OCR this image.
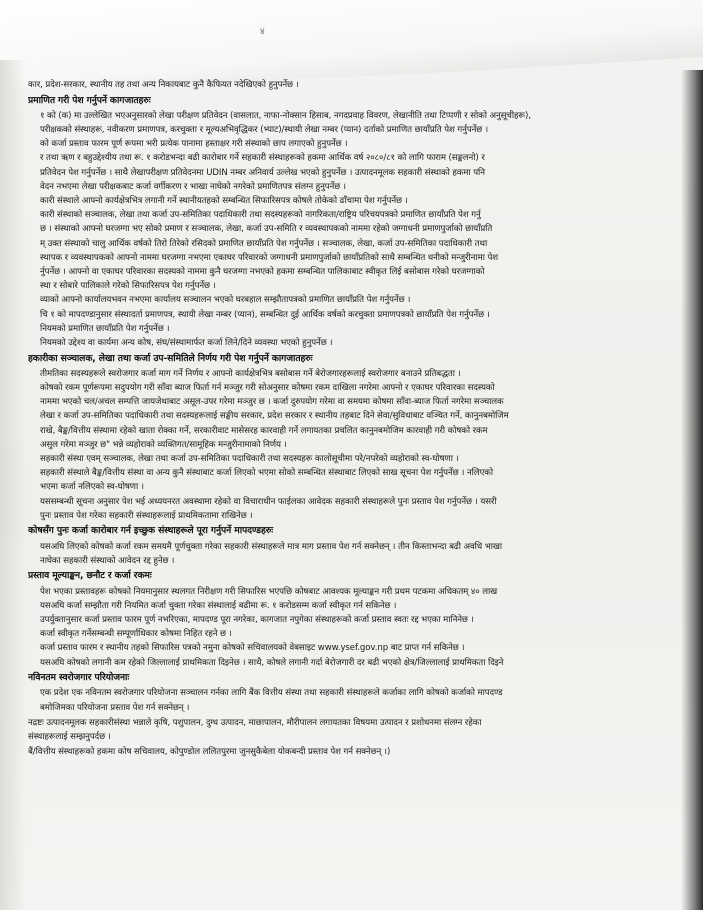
४
कार, प्रदेश-सरकार, स्थानीय तह तथा अन्य निकायबाट कुनै कैफियत नदेखिएको हुनुपर्नेछ ।
प्रमाणित गरी पेश गर्नुपर्ने कागजातहरुः
१ को (क) मा उल्लेखित भएअनुसारको लेखा परीक्षण प्रतिवेदन (वासलात, नाफा-नोक्सान हिसाब, नगदप्रवाह विवरण, लेखानीति तथा टिप्पणी र सोको अनुसूचीहरू),
परीक्षकको संस्थाहरू, नवीकरण प्रमाणपत्र, करचुक्ता र मूल्यअभिवृद्धिकर (भ्याट)/स्थायी लेखा नम्बर (प्यान) दर्ताको प्रमाणित छायाँप्रति पेश गर्नुपर्नेछ ।
को कर्जा प्रस्ताव फारम पूर्ण रूपमा भरी प्रत्येक पानामा हस्ताक्षर गरी संस्थाको छाप लगाएको हुनुपर्नेछ ।
र तथा ऋण र बहुउद्देश्यीय तथा रू. १ करोडभन्दा बढी कारोबार गर्ने सहकारी संस्थाहरूको हकमा आर्थिक वर्ष २०८०/८१ को लागि फाराम (सङ्कलनो) र
प्रतिवेदन पेश गर्नुपर्नेछ । साथै लेखापरीक्षण प्रतिवेदनमा UDIN नम्बर अनिवार्य उल्लेख भएको हुनुपर्नेछ । उत्पादनमूलक सहकारी संस्थाको हकमा पनि
वेदन नभएमा लेखा परीक्षकबाट कर्जा वर्गीकरण र भाखा नाघेको नगरेको प्रमाणितपत्र संलग्न हुनुपर्नेछ ।
कारी संस्थाले आफ्नो कार्यक्षेत्रभित्र लगानी गर्ने स्थानीयतहको सम्बन्धित सिफारिसपत्र कोषले तोकेको ढाँचामा पेश गर्नुपर्नेछ ।
कारी संस्थाको सञ्चालक, लेखा तथा कर्जा उप-समितिका पदाधिकारी तथा सदस्यहरूको नागरिकता/राष्ट्रिय परिचयपत्रको प्रमाणित छायाँप्रति पेश गर्नु
छ । संस्थाको आफ्नो घरजग्गा भए सोको प्रमाण र सञ्चालक, लेखा, कर्जा उप-समिति र व्यवस्थापकको नाममा रहेको जग्गाधनी प्रमाणपुर्जाको छायाँप्रति
म् उक्त संस्थाको चालु आर्थिक वर्षको तिरो तिरेको रसिदको प्रमाणित छायाँप्रति पेश गर्नुपर्नेछ । सञ्चालक, लेखा, कर्जा उप-समितिका पदाधिकारी तथा
स्थापक र व्यवस्थापकको आफ्नो नाममा घरजग्गा नभएमा एकाघर परिवारको जग्गाधनी प्रमाणपुर्जाको छायाँप्रतिको साथै सम्बन्धित धनीको मन्जुरीनामा पेश
र्नुपर्नेछ । आफ्नो वा एकाघर परिवारका सदस्यको नाममा कुनै घरजग्गा नभएको हकमा सम्बन्धित पालिकाबाट स्वीकृत लिई बसोबास गरेको घरजग्गाको
स्था र सोबारे पालिकाले गरेको सिफारिसपत्र पेश गर्नुपर्नेछ ।
व्याको आफ्नो कार्यालयभवन नभएमा कार्यालय सञ्चालन भएको घरबहाल सम्झौतापत्रको प्रमाणित छायाँप्रति पेश गर्नुपर्नेछ ।
चि १ को मापदण्डानुसार संस्थादर्ता प्रमाणपत्र, स्थायी लेखा नम्बर (प्यान), सम्बन्धित दुई आर्थिक वर्षको करचुक्ता प्रमाणपत्रको छायाँप्रति पेश गर्नुपर्नेछ ।
नियमको प्रमाणित छायाँप्रति पेश गर्नुपर्नेछ ।
नियमको उद्देश्य वा कार्यमा अन्य कोष, संघ/संस्थामार्फत कर्जा लिने/दिने व्यवस्था भएको हुनुपर्नेछ ।
हकारीका सञ्चालक, लेखा तथा कर्जा उप-समितिले निर्णय गरी पेश गर्नुपर्ने कागजातहरुः
तीमतिका सदस्यहरूले स्वरोजगार कर्जा माग गर्ने निर्णय र आफ्नो कार्यक्षेत्रभित्र बसोबास गर्ने बेरोजगारहरूलाई स्वरोजगार बनाउने प्रतिबद्धता ।
कोषको रकम पूर्णरूपमा सदुपयोग गरी साँवा ब्याज फिर्ता गर्न मञ्जुर गरी सोअनुसार कोषमा रकम दाखिला नगरेमा आफ्नो र एकाघर परिवारका सदस्यको
नाममा भएको चल/अचल सम्पत्ति जायजेथाबाट असूल-उपर गरेमा मञ्जुर छ । कर्जा दुरुपयोग गरेमा वा समयमा कोषमा साँवा-ब्याज फिर्ता नगरेमा सञ्चालक
लेखा र कर्जा उप-समितिका पदाधिकारी तथा सदस्यहरूलाई सङ्घीय सरकार, प्रदेश सरकार र स्थानीय तहबाट दिने सेवा/सुविधाबाट वञ्चित गर्ने, कानुनबमोजिम
राखे, बैङ्क/वित्तीय संस्थामा रहेको खाता रोक्का गर्ने, सरकारीवाट मासेसरह कारवाही गर्ने लगायतका प्रचलित कानुनबमोजिम कारवाही गरी कोषको रकम
असुल गरेमा मञ्जुर छ" भन्ने व्यहोराको व्यक्तिगत/सामूहिक मन्जुरीनामाको निर्णय ।
सहकारी संस्था एवम् सञ्चालक, लेखा तथा कर्जा उप-समितिका पदाधिकारी तथा सदस्यहरू कालोसूचीमा परे/नपरेको व्यहोराको स्व-घोषणा ।
सहकारी संस्थाले बैङ्क/वित्तीय संस्था वा अन्य कुनै संस्थाबाट कर्जा लिएको भएमा सोको सम्बन्धित संस्थाबाट लिएको साख सूचना पेश गर्नुपर्नेछ । नलिएको
भएमा कर्जा नलिएको स्व-घोषणा ।
यससम्बन्धी सूचना अनुसार पेश भई अध्ययनरत अवस्थामा रहेको वा विचाराधीन फाईलका आवेदक सहकारी संस्थाहरूले पुनः प्रस्ताव पेश गर्नुपर्नेछ । यसरी
पुनः प्रस्ताव पेश गरेका सहकारी संस्थाहरूलाई प्राथमिकतामा राखिनेछ ।
कोषसँग पुनः कर्जा कारोबार गर्न इच्छुक संस्थाहरूले पूरा गर्नुपर्ने मापदण्डहरुः
यसअघि लिएको कोषको कर्जा रकम समयमै पूर्णचुक्ता गरेका सहकारी संस्थाहरूले मात्र माग प्रस्ताव पेश गर्न सक्नेछन् । तीन किस्ताभन्दा बढी अवधि भाखा
नाघेका सहकारी संस्थाको आवेदन रद्द हुनेछ ।
प्रस्ताव मूल्याङ्कन, छनौट र कर्जा रकमः
पेश भएका प्रस्तावहरू कोषको नियमानुसार स्थलगत निरीक्षण गरी सिफारिस भएपछि कोषबाट आवश्यक मूल्याङ्कन गरी प्रथम पटकमा अधिकतम् ४० लाख
यसअघि कर्जा सम्झौता गरी नियमित कर्जा चुक्ता गरेका संस्थालाई बढीमा रू. १ करोडसम्म कर्जा स्वीकृत गर्न सकिनेछ ।
उपर्युक्तानुसार कर्जा प्रस्ताव फारम पूर्ण नभरिएका, मापदण्ड पूरा नगरेका, कागजात नपुगेका संस्थाहरूको कर्जा प्रस्ताव स्वतः रद्द भएका मानिनेछ ।
कर्जा स्वीकृत गर्नेसम्बन्धी सम्पूर्णाधिकार कोषमा निहित रहने छ ।
कर्जा प्रस्ताव फारम र स्थानीय तहको सिफारिस पत्रको नमुना कोषको सचिवालयको वेबसाइट www.ysef.gov.np बाट प्राप्त गर्न सकिनेछ ।
यसअघि कोषको लगानी कम रहेको जिल्लालाई प्राथमिकता दिइनेछ । साथै, कोषले लगानी गर्दा बेरोजगारी दर बढी भएको क्षेत्र/जिल्लालाई प्राथमिकता दिइने
नविनतम स्वरोजगार परियोजनाः
एक प्रदेश एक नविनतम स्वरोजगार परियोजना सञ्चालन गर्नका लागि बैंक वित्तीय संस्था तथा सहकारी संस्थाहरूले कर्जाका लागि कोषको कर्जाको मापदण्ड
बमोजिमका परियोजना प्रस्ताव पेश गर्न सक्नेछन् ।
नद्रष्टः उत्पादनमूलक सहकारीसंस्था भन्नाले कृषि, पशुपालन, दुग्ध उत्पादन, माछापालन, मौरीपालन लगायतका विषयमा उत्पादन र प्रशोधनमा संलग्न रहेका
संस्थाहरूलाई सम्झनुपर्दछ ।
बैं/वित्तीय संस्थाहरूको हकमा कोष सचिवालय, कोपुण्डोल ललितपुरमा जुनसुकैबेला योकबन्दी प्रस्ताव पेश गर्न सक्नेछन् ।)
